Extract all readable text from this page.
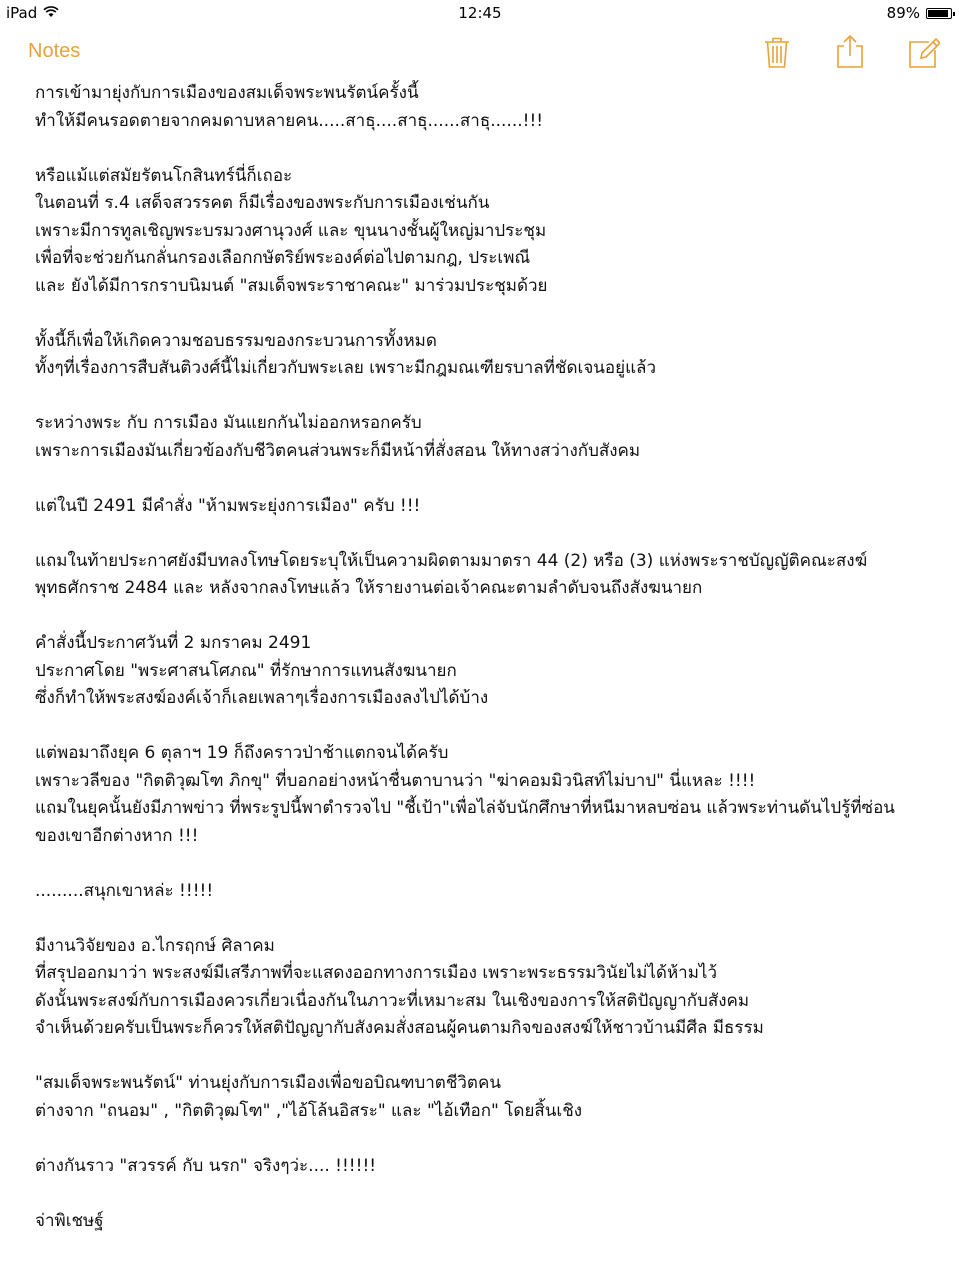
iPad	12:45	89%
Notes
การเข้ามายุ่งกับการเมืองของสมเด็จพระพนรัตน์ครั้งนี้
ทำให้มีคนรอดตายจากคมดาบหลายคน.....สาธุ....สาธุ......สาธุ......!!!
หรือแม้แต่สมัยรัตนโกสินทร์นี่ก็เถอะ
ในตอนที่ ร.4 เสด็จสวรรคต ก็มีเรื่องของพระกับการเมืองเช่นกัน
เพราะมีการทูลเชิญพระบรมวงศานุวงศ์ และ ขุนนางชั้นผู้ใหญ่มาประชุม
เพื่อที่จะช่วยกันกลั่นกรองเลือกกษัตริย์พระองค์ต่อไปตามกฎ, ประเพณี
และ ยังได้มีการกราบนิมนต์ "สมเด็จพระราชาคณะ" มาร่วมประชุมด้วย
ทั้งนี้ก็เพื่อให้เกิดความชอบธรรมของกระบวนการทั้งหมด
ทั้งๆที่เรื่องการสืบสันติวงศ์นี้ไม่เกี่ยวกับพระเลย เพราะมีกฎมณเฑียรบาลที่ชัดเจนอยู่แล้ว
ระหว่างพระ กับ การเมือง มันแยกกันไม่ออกหรอกครับ
เพราะการเมืองมันเกี่ยวข้องกับชีวิตคนส่วนพระก็มีหน้าที่สั่งสอน ให้ทางสว่างกับสังคม
แต่ในปี 2491 มีคำสั่ง "ห้ามพระยุ่งการเมือง" ครับ !!!
แถมในท้ายประกาศยังมีบทลงโทษโดยระบุให้เป็นความผิดตามมาตรา 44 (2) หรือ (3) แห่งพระราชบัญญัติคณะสงฆ์
พุทธศักราช 2484 และ หลังจากลงโทษแล้ว ให้รายงานต่อเจ้าคณะตามลำดับจนถึงสังฆนายก
คำสั่งนี้ประกาศวันที่ 2 มกราคม 2491
ประกาศโดย "พระศาสนโศภณ" ที่รักษาการแทนสังฆนายก
ซึ่งก็ทำให้พระสงฆ์องค์เจ้าก็เลยเพลาๆเรื่องการเมืองลงไปได้บ้าง
แต่พอมาถึงยุค 6 ตุลาฯ 19 ก็ถึงคราวป่าช้าแตกจนได้ครับ
เพราะวลีของ "กิตติวุฒโฑ ภิกขุ" ที่บอกอย่างหน้าชื่นตาบานว่า "ฆ่าคอมมิวนิสท์ไม่บาป" นี่แหละ !!!!
แถมในยุคนั้นยังมีภาพข่าว ที่พระรูปนี้พาตำรวจไป "ชี้เป้า"เพื่อไล่จับนักศึกษาที่หนีมาหลบซ่อน แล้วพระท่านดันไปรู้ที่ซ่อน
ของเขาอีกต่างหาก !!!
.........สนุกเขาหล่ะ !!!!!
มีงานวิจัยของ อ.ไกรฤกษ์ ศิลาคม
ที่สรุปออกมาว่า พระสงฆ์มีเสรีภาพที่จะแสดงออกทางการเมือง เพราะพระธรรมวินัยไม่ได้ห้ามไว้
ดังนั้นพระสงฆ์กับการเมืองควรเกี่ยวเนื่องกันในภาวะที่เหมาะสม ในเชิงของการให้สติปัญญากับสังคม
จำเห็นด้วยครับเป็นพระก็ควรให้สติปัญญากับสังคมสั่งสอนผู้คนตามกิจของสงฆ์ให้ชาวบ้านมีศีล มีธรรม
"สมเด็จพระพนรัตน์" ท่านยุ่งกับการเมืองเพื่อขอบิณฑบาตชีวิตคน
ต่างจาก "ถนอม" , "กิตติวุฒโฑ" ,"ไอ้โล้นอิสระ" และ "ไอ้เทือก" โดยสิ้นเชิง
ต่างกันราว "สวรรค์ กับ นรก" จริงๆว่ะ.... !!!!!!
จ่าพิเชษฐ์
